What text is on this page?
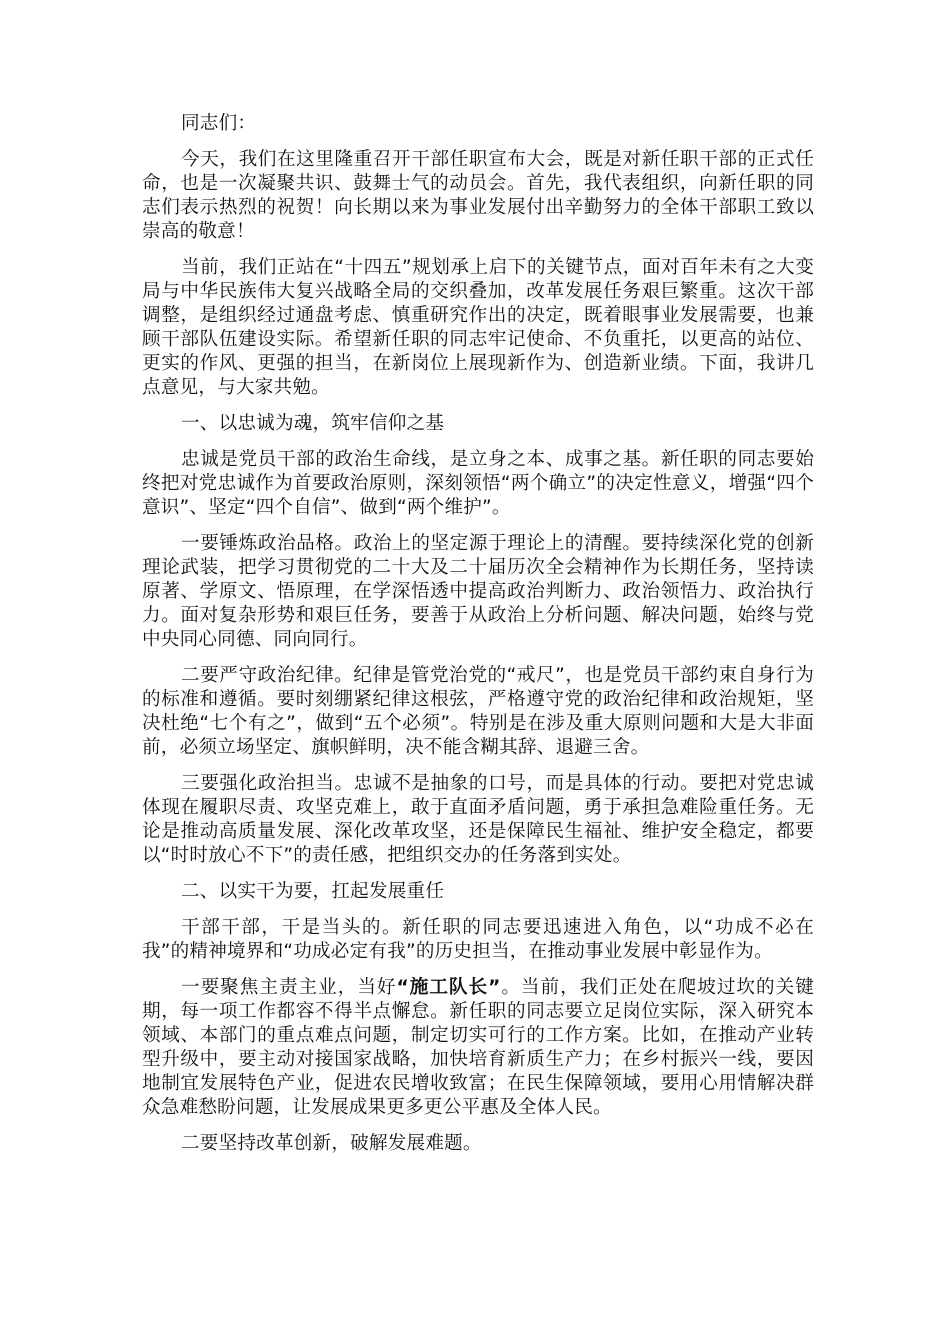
同志们：

今天，我们在这里隆重召开干部任职宣布大会，既是对新任职干部的正式任命，也是一次凝聚共识、鼓舞士气的动员会。首先，我代表组织，向新任职的同志们表示热烈的祝贺！向长期以来为事业发展付出辛勤努力的全体干部职工致以崇高的敬意！

当前，我们正站在“十四五”规划承上启下的关键节点，面对百年未有之大变局与中华民族伟大复兴战略全局的交织叠加，改革发展任务艰巨繁重。这次干部调整，是组织经过通盘考虑、慎重研究作出的决定，既着眼事业发展需要，也兼顾干部队伍建设实际。希望新任职的同志牢记使命、不负重托，以更高的站位、更实的作风、更强的担当，在新岗位上展现新作为、创造新业绩。下面，我讲几点意见，与大家共勉。

一、以忠诚为魂，筑牢信仰之基

忠诚是党员干部的政治生命线，是立身之本、成事之基。新任职的同志要始终把对党忠诚作为首要政治原则，深刻领悟“两个确立”的决定性意义，增强“四个意识”、坚定“四个自信”、做到“两个维护”。

一要锤炼政治品格。政治上的坚定源于理论上的清醒。要持续深化党的创新理论武装，把学习贯彻党的二十大及二十届历次全会精神作为长期任务，坚持读原著、学原文、悟原理，在学深悟透中提高政治判断力、政治领悟力、政治执行力。面对复杂形势和艰巨任务，要善于从政治上分析问题、解决问题，始终与党中央同心同德、同向同行。

二要严守政治纪律。纪律是管党治党的“戒尺”，也是党员干部约束自身行为的标准和遵循。要时刻绷紧纪律这根弦，严格遵守党的政治纪律和政治规矩，坚决杜绝“七个有之”，做到“五个必须”。特别是在涉及重大原则问题和大是大非面前，必须立场坚定、旗帜鲜明，决不能含糊其辞、退避三舍。

三要强化政治担当。忠诚不是抽象的口号，而是具体的行动。要把对党忠诚体现在履职尽责、攻坚克难上，敢于直面矛盾问题，勇于承担急难险重任务。无论是推动高质量发展、深化改革攻坚，还是保障民生福祉、维护安全稳定，都要以“时时放心不下”的责任感，把组织交办的任务落到实处。

二、以实干为要，扛起发展重任

干部干部，干是当头的。新任职的同志要迅速进入角色，以“功成不必在我”的精神境界和“功成必定有我”的历史担当，在推动事业发展中彰显作为。

一要聚焦主责主业，当好“施工队长”。当前，我们正处在爬坡过坎的关键期，每一项工作都容不得半点懈怠。新任职的同志要立足岗位实际，深入研究本领域、本部门的重点难点问题，制定切实可行的工作方案。比如，在推动产业转型升级中，要主动对接国家战略，加快培育新质生产力；在乡村振兴一线，要因地制宜发展特色产业，促进农民增收致富；在民生保障领域，要用心用情解决群众急难愁盼问题，让发展成果更多更公平惠及全体人民。

二要坚持改革创新，破解发展难题。
